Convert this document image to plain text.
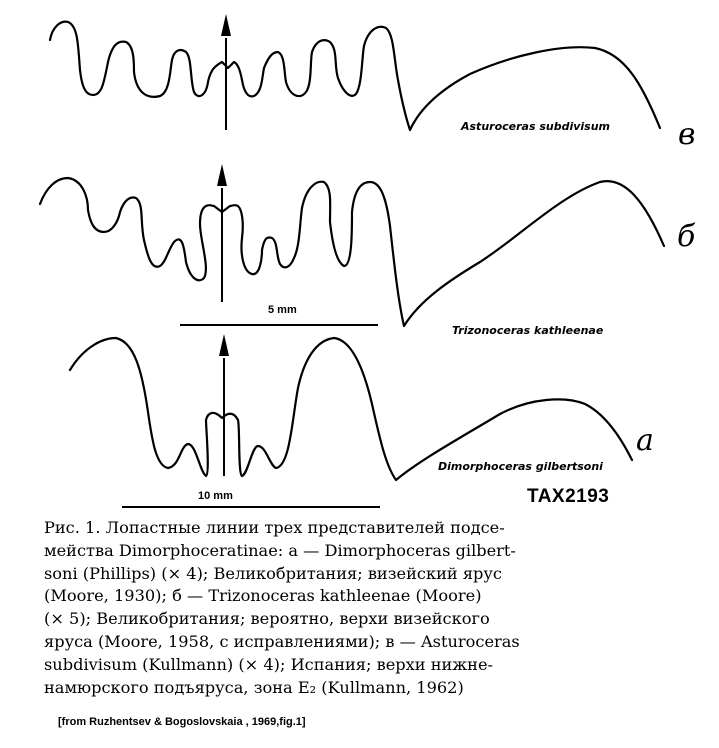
Asturoceras subdivisum
Trizonoceras kathleenae
Dimorphoceras gilbertsoni
в
б
а
5 mm
10 mm	TAX2193

Рис. 1. Лопастные линии трех представителей подсе-

мейства Dimorphoceratinae: а — Dimorphoceras gilbert-

soni (Phillips) (× 4); Великобритания; визейский ярус

(Moore, 1930); б — Trizonoceras kathleenae (Moore)

(× 5); Великобритания; вероятно, верхи визейского

яруса (Moore, 1958, с исправлениями); в — Asturoceras

subdivisum (Kullmann) (× 4); Испания; верхи нижне-

намюрского подъяруса, зона E₂ (Kullmann, 1962)

[from Ruzhentsev & Bogoslovskaia , 1969,fig.1]
